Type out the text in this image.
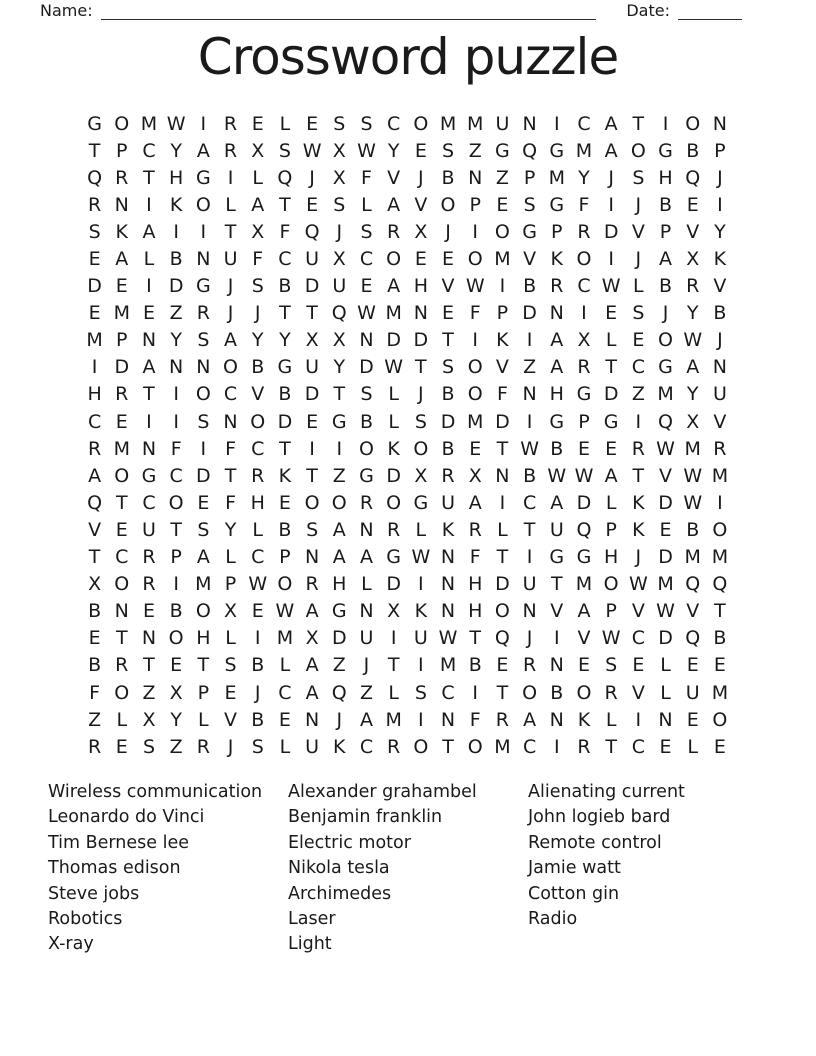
Name:	Date:
Crossword puzzle
G O M W I R E L E S S C O M M U N I C A T I O N
T P C Y A R X S W X W Y E S Z G Q G M A O G B P
Q R T H G I	L Q J X F V J B N Z P M Y J S H Q J
R N I K O L A T E S L A V O P E S G F I	J B E I
S K A I	I T X F Q J S R X J	I O G P R D V P V Y
E A L B N U F C U X C O E E O M V K O I	J A X K
D E I D G J S B D U E A H V W I B R C W L B R V
E M E Z R J	J T T Q W M N E F P D N I E S J Y B
M P N Y S A Y Y X X N D D T I K I A X L E O W J
I D A N N O B G U Y D W T S O V Z A R T C G A N
H R T I O C V B D T S L	J B O F N H G D Z M Y U
C E I	I S N O D E G B L S D M D I G P G I Q X V
R M N F I F C T I	I O K O B E T W B E E R W M R
A O G C D T R K T Z G D X R X N B W W A T V W M
Q T C O E F H E O O R O G U A I C A D L K D W I
V E U T S Y L B S A N R L K R L T U Q P K E B O
T C R P A L C P N A A G W N F T I G G H J D M M
X O R I M P W O R H L D I N H D U T M O W M Q Q
B N E B O X E W A G N X K N H O N V A P V W V T
E T N O H L	I M X D U I U W T Q J	I V W C D Q B
B R T E T S B L A Z J T I M B E R N E S E L E E
F O Z X P E J C A Q Z L S C I T O B O R V L U M
Z L X Y L V B E N J A M I N F R A N K L	I N E O
R E S Z R J S L U K C R O T O M C I R T C E L E
Wireless communication
Leonardo do Vinci
Tim Bernese lee
Thomas edison
Steve jobs
Robotics
X-ray
Alexander grahambel
Benjamin franklin
Electric motor
Nikola tesla
Archimedes
Laser
Light
Alienating current
John logieb bard
Remote control
Jamie watt
Cotton gin
Radio
